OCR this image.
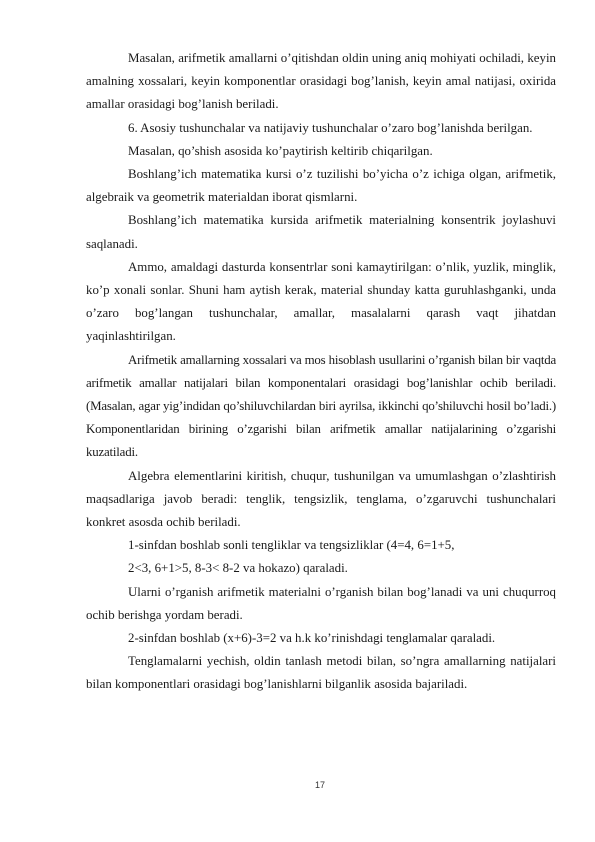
Masalan, arifmetik amallarni o’qitishdan oldin uning aniq mohiyati ochiladi, keyin amalning xossalari, keyin komponentlar orasidagi bog’lanish, keyin amal natijasi, oxirida amallar orasidagi bog’lanish beriladi.

6. Asosiy tushunchalar va natijaviy tushunchalar o’zaro bog’lanishda berilgan.

Masalan, qo’shish asosida ko’paytirish keltirib chiqarilgan.

Boshlang’ich matematika kursi o’z tuzilishi bo’yicha o’z ichiga olgan, arifmetik, algebraik va geometrik materialdan iborat qismlarni.

Boshlang’ich matematika kursida arifmetik materialning konsentrik joylashuvi saqlanadi.

Ammo, amaldagi dasturda konsentrlar soni kamaytirilgan: o’nlik, yuzlik, minglik, ko’p xonali sonlar. Shuni ham aytish kerak, material shunday katta guruhlashganki, unda o’zaro bog’langan tushunchalar, amallar, masalalarni qarash vaqt jihatdan yaqinlashtirilgan.

Arifmetik amallarning xossalari va mos hisoblash usullarini o’rganish bilan bir vaqtda arifmetik amallar natijalari bilan komponentalari orasidagi bog’lanishlar ochib beriladi. (Masalan, agar yig’indidan qo’shiluvchilardan biri ayrilsa, ikkinchi qo’shiluvchi hosil bo’ladi.) Komponentlaridan birining o’zgarishi bilan arifmetik amallar natijalarining o’zgarishi kuzatiladi.

Algebra elementlarini kiritish, chuqur, tushunilgan va umumlashgan o’zlashtirish maqsadlariga javob beradi: tenglik, tengsizlik, tenglama, o’zgaruvchi tushunchalari konkret asosda ochib beriladi.

1-sinfdan boshlab sonli tengliklar va tengsizliklar (4=4, 6=1+5,

2<3, 6+1>5, 8-3< 8-2 va hokazo) qaraladi.

Ularni o’rganish arifmetik materialni o’rganish bilan bog’lanadi va uni chuqurroq ochib berishga yordam beradi.

2-sinfdan boshlab (x+6)-3=2 va h.k ko’rinishdagi tenglamalar qaraladi.

Tenglamalarni yechish, oldin tanlash metodi bilan, so’ngra amallarning natijalari bilan komponentlari orasidagi bog’lanishlarni bilganlik asosida bajariladi.

17
